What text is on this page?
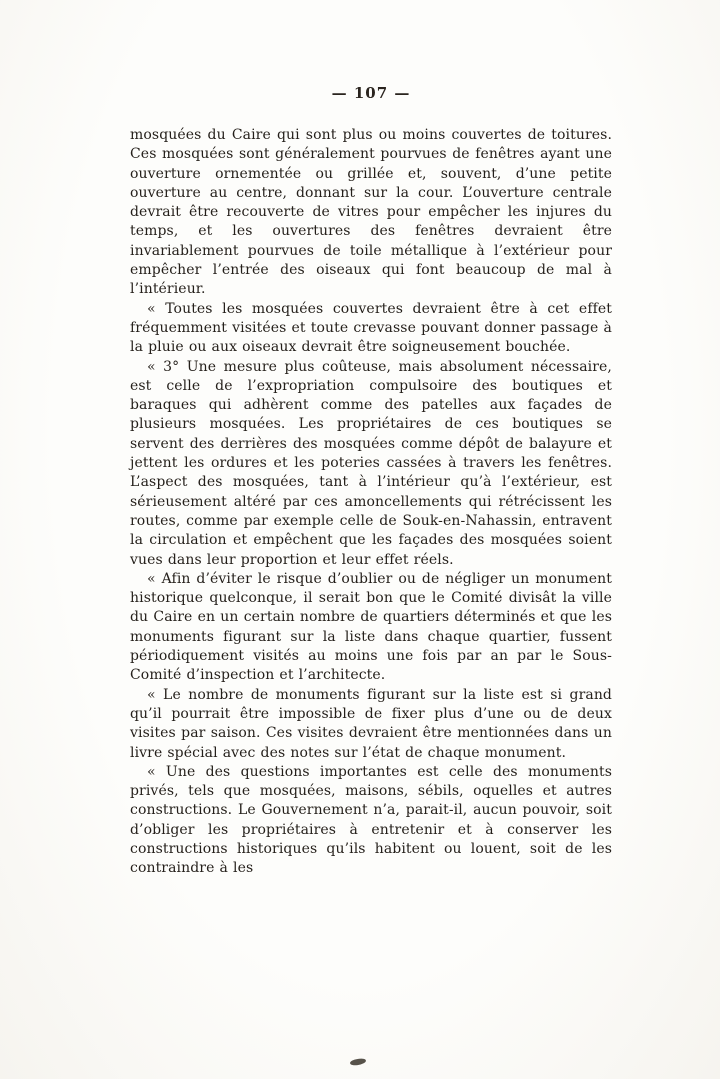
— 107 —

mosquées du Caire qui sont plus ou moins couvertes de toitures. Ces mosquées sont généralement pourvues de fenêtres ayant une ouverture ornementée ou grillée et, souvent, d’une petite ouverture au centre, donnant sur la cour. L’ouverture centrale devrait être recouverte de vitres pour empêcher les injures du temps, et les ouvertures des fenêtres devraient être invariablement pourvues de toile métallique à l’extérieur pour empêcher l’entrée des oiseaux qui font beaucoup de mal à l’intérieur.

« Toutes les mosquées couvertes devraient être à cet effet fréquemment visitées et toute crevasse pouvant donner passage à la pluie ou aux oiseaux devrait être soigneusement bouchée.

« 3° Une mesure plus coûteuse, mais absolument nécessaire, est celle de l’expropriation compulsoire des boutiques et baraques qui adhèrent comme des patelles aux façades de plusieurs mosquées. Les propriétaires de ces boutiques se servent des derrières des mosquées comme dépôt de balayure et jettent les ordures et les poteries cassées à travers les fenêtres. L’aspect des mosquées, tant à l’intérieur qu’à l’extérieur, est sérieusement altéré par ces amoncellements qui rétrécissent les routes, comme par exemple celle de Souk-en-Nahassin, entravent la circulation et empêchent que les façades des mosquées soient vues dans leur proportion et leur effet réels.

« Afin d’éviter le risque d’oublier ou de négliger un monument historique quelconque, il serait bon que le Comité divisât la ville du Caire en un certain nombre de quartiers déterminés et que les monuments figurant sur la liste dans chaque quartier, fussent périodiquement visités au moins une fois par an par le Sous-Comité d’inspection et l’architecte.

« Le nombre de monuments figurant sur la liste est si grand qu’il pourrait être impossible de fixer plus d’une ou de deux visites par saison. Ces visites devraient être mentionnées dans un livre spécial avec des notes sur l’état de chaque monument.

« Une des questions importantes est celle des monuments privés, tels que mosquées, maisons, sébils, oquelles et autres constructions. Le Gouvernement n’a, parait-il, aucun pouvoir, soit d’obliger les propriétaires à entretenir et à conserver les constructions historiques qu’ils habitent ou louent, soit de les contraindre à les
